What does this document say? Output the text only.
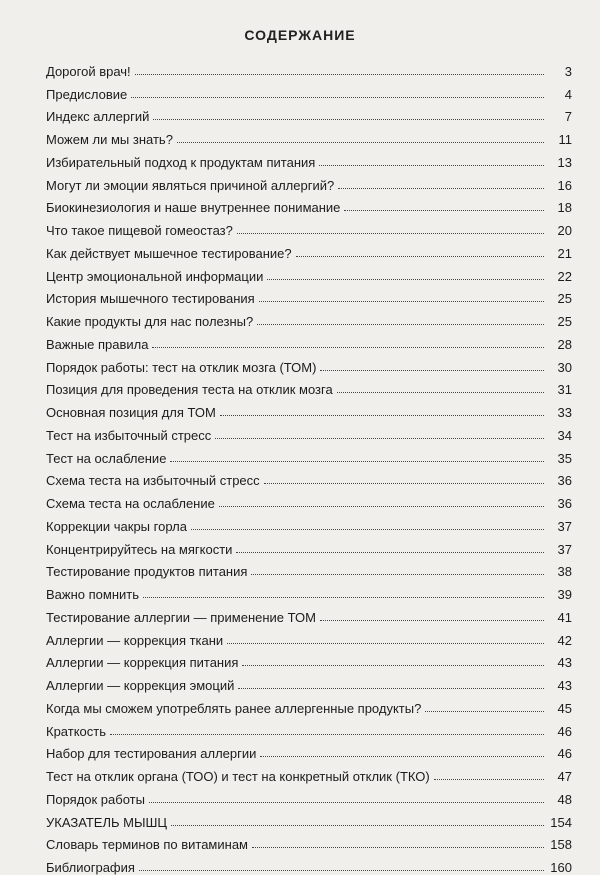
СОДЕРЖАНИЕ
Дорогой врач!	3
Предисловие	4
Индекс аллергий	7
Можем ли мы знать?	11
Избирательный подход к продуктам питания	13
Могут ли эмоции являться причиной аллергий?	16
Биокинезиология и наше внутреннее понимание	18
Что такое пищевой гомеостаз?	20
Как действует мышечное тестирование?	21
Центр эмоциональной информации	22
История мышечного тестирования	25
Какие продукты для нас полезны?	25
Важные правила	28
Порядок работы: тест на отклик мозга (ТОМ)	30
Позиция для проведения теста на отклик мозга	31
Основная позиция для ТОМ	33
Тест на избыточный стресс	34
Тест на ослабление	35
Схема теста на избыточный стресс	36
Схема теста на ослабление	36
Коррекции чакры горла	37
Концентрируйтесь на мягкости	37
Тестирование продуктов питания	38
Важно помнить	39
Тестирование аллергии — применение ТОМ	41
Аллергии — коррекция ткани	42
Аллергии — коррекция питания	43
Аллергии — коррекция эмоций	43
Когда мы сможем употреблять ранее аллергенные продукты?	45
Краткость	46
Набор для тестирования аллергии	46
Тест на отклик органа (ТОО) и тест на конкретный отклик (ТКО)	47
Порядок работы	48
УКАЗАТЕЛЬ МЫШЦ	154
Словарь терминов по витаминам	158
Библиография	160
